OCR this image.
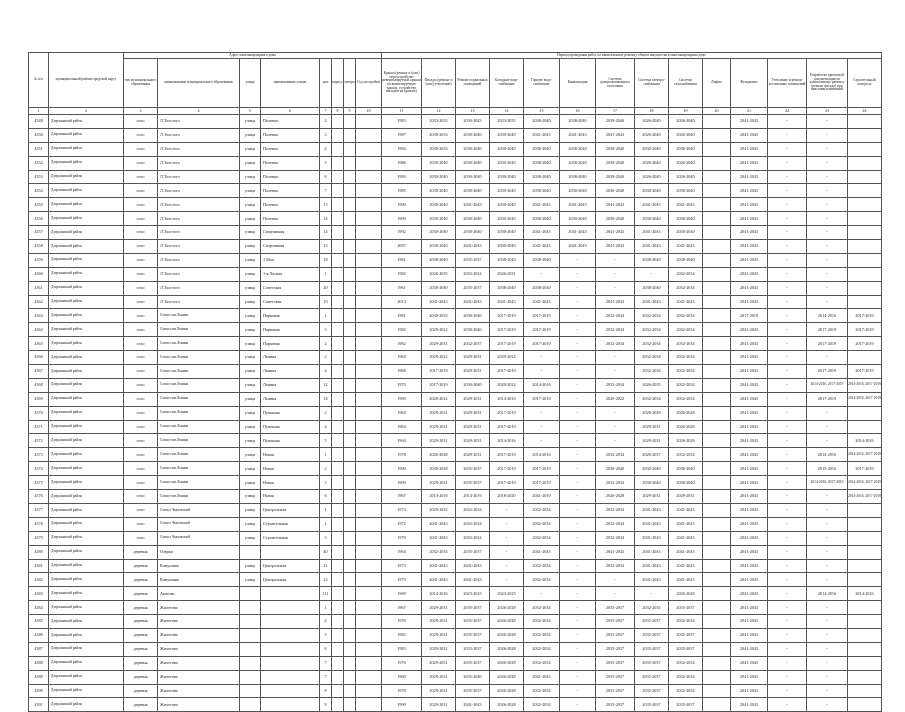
№ п/п	муниципальный район/городской округ	Адрес многоквартирного дома								Период проведения работ по капитальному ремонту общего имущества в многоквартирном доме													
		тип муниципального образования	наименование муниципального образования	улица	наименование улицы	дом	корпус	литера	Год постройки	Крыша (ремонт и (или) переустройство невентилируемой крыши на вентилируемую крышу, устройство выходов на кровлю)	Фасады (ремонт и (или) утепление)	Ремонт подвальных помещений	Холодное водо-снабжение	Горячее водо-снабжение	Канализация	Система централизованного отопления	Система электро-снабжения	Система газоснабжения	Лифты	Фундамент	Утепление и ремонт лестничных помещений	Разработка проектной документации по капитальному ремонту (ремонт фасада) при внесении изменений	Строительный контроль
1	2	3	4	5	6	7	8	9	10	11	12	13	14	15	16	17	18	19	20	21	22	23	24
4348	Дзержинский район	село	Л.Толстого	улица	Полевая	2				1983	2033-2035	2030-2043	2033-2035	2038-2040	2038-2040	2038-2040	2026-2040	2026-2040		2041-2043	-	-	
4350	Дзержинский район	село	Л.Толстого	улица	Полевая	3				1987	2030-2033	2030-2040	2030-2040	2041-2043	2041-2043	2041-2043	2026-2040	2026-2040		2041-2043	-	-	
4351	Дзержинский район	село	Л.Толстого	улица	Полевая	4				1984	2030-2033	2030-2040	2030-2040	2030-2040	2038-2040	2038-2040	2030-2040	2030-2040		2041-2043	-	-	
4352	Дзержинский район	село	Л.Толстого	улица	Полевая	5				1986	2030-2040	2030-2040	2030-2040	2038-2040	2038-2040	2038-2040	2026-2040	2026-2040		2041-2043	-	-	
4353	Дзержинский район	село	Л.Толстого	улица	Полевая	6				1984	2030-2040	2030-2040	2030-2040	2038-2040	2038-2040	2038-2040	2026-2040	2026-2040		2041-2043	-	-	
4354	Дзержинский район	село	Л.Толстого	улица	Полевая	7				1985	2030-2040	2030-2040	2030-2040	2030-2040	2030-2040	2030-2040	2030-2040	2030-2040		2041-2043	-	-	
4355	Дзержинский район	село	Л.Толстого	улица	Полевая	13				1990	2030-2040	2041-2043	2030-2040	2041-2043	2041-2043	2041-2043	2041-2043	2041-2043		2041-2043	-	-	
4356	Дзержинский район	село	Л.Толстого	улица	Полевая	14				1990	2030-2040	2030-2040	2030-2040	2030-2040	2030-2040	2030-2040	2030-2040	2030-2040		2041-2043	-	-	
4357	Дзержинский район	село	Л.Толстого	улица	Спортивная	14				1992	2030-2040	2030-2040	2030-2040	2041-2043	2041-2043	2041-2043	2041-2043	2030-2040		2041-2043	-	-	
4358	Дзержинский район	село	Л.Толстого	улица	Спортивная	15				2007	2030-2040	2041-2043	2030-2040	2041-2043	2041-2043	2041-2043	2041-2043	2041-2043		2041-2043	-	-	
4359	Дзержинский район	село	Л.Толстого	улица	1 Мая	18				1961	2038-2040	2035-2037	2038-2040	2038-2040	-	-	2038-2040	2038-2040		2041-2043	-	-	
4360	Дзержинский район	село	Л.Толстого	улица	1-я Лесная	1				1982	2026-2035	2032-2034	2026-2031	-	-	-	-	2032-2034		2041-2043	-	-	
4361	Дзержинский район	село	Л.Толстого	улица	Советская	20				1961	2038-2040	2035-2037	2038-2040	2038-2040	-	-	2038-2040	2032-2034		2041-2043	-	-	
4362	Дзержинский район	село	Л.Толстого	улица	Советская	10				2013	2041-2043	2041-2043	2041-2043	2041-2043	-	2041-2043	2041-2043	2041-2043		2041-2043	-	-	
4363	Дзержинский район	село	Совхоз им.Ленина	улица	Парковая	1				1981	2030-2033	2030-2040	2017-2019	2017-2019	-	2032-2034	2032-2034	2032-2034		2017-2019	-	2014-2016	2017-2019
4364	Дзержинский район	село	Совхоз им.Ленина	улица	Парковая	3				1982	2029-2022	2030-2040	2017-2019	2017-2019	-	2032-2034	2032-2034	2032-2034		2041-2043	-	2017-2019	2017-2019
4365	Дзержинский район	село	Совхоз им.Ленина	улица	Парковая	2				1982	2029-2031	2032-2037	2017-2019	2017-2019	-	2032-2034	2032-2034	2032-2034		2041-2043	-	2017-2019	2017-2019
4366	Дзержинский район	село	Совхоз им.Ленина	улица	Ленина	2				1964	2029-2022	2029-2031	2029-2022	-	-	-	2032-2034	2032-2034		2041-2043	-	-	
4367	Дзержинский район	село	Совхоз им.Ленина	улица	Ленина	4				1968	2017-2019	2029-2031	2017-2019	-	-	-	2032-2034	2032-2034		2041-2043	-	2017-2019	2017-2019
4368	Дзержинский район	село	Совхоз им.Ленина	улица	Ленина	12				1970	2017-2019	2030-2040	2020-2022	2014-2016	-	2032-2034	2026-2035	2032-2034		2041-2043	-	2014-2016, 2017-2019	2014-2016, 2017-2019
4369	Дзержинский район	село	Совхоз им.Ленина	улица	Ленина	14				1969	2020-2022	2029-2031	2014-2016	2017-2019	-	2020-2022	2032-2034	2032-2034		2041-2043	-	2017-2019	2014-2016, 2017-2019
4370	Дзержинский район	село	Совхоз им.Ленина	улица	Пушкина	2				1964	2029-2031	2029-2031	2017-2019	-	-	-	2026-2028	2026-2028		2041-2043	-	-	
4371	Дзержинский район	село	Совхоз им.Ленина	улица	Пушкина	4				1964	2029-2031	2029-2031	2017-2019	-	-	-	2029-2031	2026-2028		2041-2043	-	-	
4372	Дзержинский район	село	Совхоз им.Ленина	улица	Пушкина	5				1964	2029-2031	2029-2031	2014-2016	-	-	-	2029-2031	2026-2028		2041-2043	-	-	2014-2016
4373	Дзержинский район	село	Совхоз им.Ленина	улица	Новая	1				1978	2026-2028	2029-2031	2017-2019	2014-2016	-	2032-2034	2026-2037	2032-2034		2041-2043	-	2014-2016	2014-2016, 2017-2019
4374	Дзержинский район	село	Совхоз им.Ленина	улица	Новая	2				1990	2030-2028	2035-2037	2017-2019	2017-2019	-	2030-2040	2030-2040	2030-2040		2041-2043	-	2015-2016	2017-2019
4375	Дзержинский район	село	Совхоз им.Ленина	улица	Новая	3				1990	2029-2031	2035-2037	2017-2019	2017-2019	-	2032-2034	2030-2040	2030-2040		2041-2043	-	2014-2016, 2017-2019	2014-2016, 2017-2019
4376	Дзержинский район	село	Совхоз им.Ленина	улица	Новая	6				1967	2014-2016	2014-2016	2018-2020	2041-2019	-	2026-2028	2029-2031	2029-2031		2041-2043	-	-	2014-2016, 2017-2019
4377	Дзержинский район	село	Совхоз Чкаловский	улица	Центральная	1				1974	2029-2032	2032-2034	-	2032-2034	-	2032-2034	2041-2043	2041-2043		2041-2043	-	-	
4378	Дзержинский район	село	Совхоз Чкаловский	улица	Строительная	1				1972	2041-2043	2032-2034	-	2032-2034	-	2032-2034	2041-2043	2041-2043		2041-2043	-	-	
4379	Дзержинский район	село	Совхоз Чкаловский	улица	Строительная	3				1970	2041-2043	2032-2034	-	2032-2034	-	2032-2034	2041-2043	2041-2043		2041-2043	-	-	
4380	Дзержинский район	деревня	Озерки			40				1964	2032-2034	2035-2037	-	2041-2043	-	2041-2043	2041-2043	2041-2043		2041-2043	-	-	
4381	Дзержинский район	деревня	Камушино	улица	Центральная	21				1975	2041-2043	2041-2043	-	2032-2034	-	2032-2034	2041-2043	2041-2043		2041-2043	-	-	
4382	Дзержинский район	деревня	Камушино	улица	Центральная	23				1975	2041-2043	2041-2043	-	2032-2034	-	-	2041-2043	2041-2043		2041-2043	-	-	
4383	Дзержинский район	деревня	Акатово			111				1969	2014-2016	2023-2025	2023-2025	-	-	-	-	2026-2028		2041-2043	-	2014-2016	2014-2016
4384	Дзержинский район	деревня	Жилетово			1				1967	2029-2031	2035-2037	2026-2028	2032-2034	-	2035-2037	2032-2035	2035-2037		2041-2043	-	-	
4385	Дзержинский район	деревня	Жилетово			4				1976	2029-2031	2035-2037	2026-2028	2032-2034	-	2035-2037	2035-2037	2032-2034		2041-2043	-	-	
4386	Дзержинский район	деревня	Жилетово			5				1983	2029-2031	2035-2037	2026-2028	2032-2034	-	2035-2037	2035-2037	2035-2037		2041-2043	-	-	
4387	Дзержинский район	деревня	Жилетово			6				1983	2029-2031	2035-2037	2026-2028	2032-2034	-	2035-2037	2035-2037	2035-2037		2041-2043	-	-	
4388	Дзержинский район	деревня	Жилетово			7				1976	2029-2031	2035-2037	2026-2028	2032-2034	-	2035-2037	2035-2037	2032-2034		2041-2043	-	-	
4389	Дзержинский район	деревня	Жилетово			7				1960	2029-2031	2035-2040	2026-2028	2041-2043	-	2035-2037	2035-2037	2032-2034		2041-2043	-	-	
4390	Дзержинский район	деревня	Жилетово			8				1978	2029-2031	2035-2037	2026-2028	2032-2034	-	2035-2037	2035-2037	2032-2034		2041-2043	-	-	
4391	Дзержинский район	деревня	Жилетово			9				1990	2029-2031	2041-2043	2026-2028	2032-2034	-	2035-2037	2035-2037	2035-2037		2041-2043	-	-	
